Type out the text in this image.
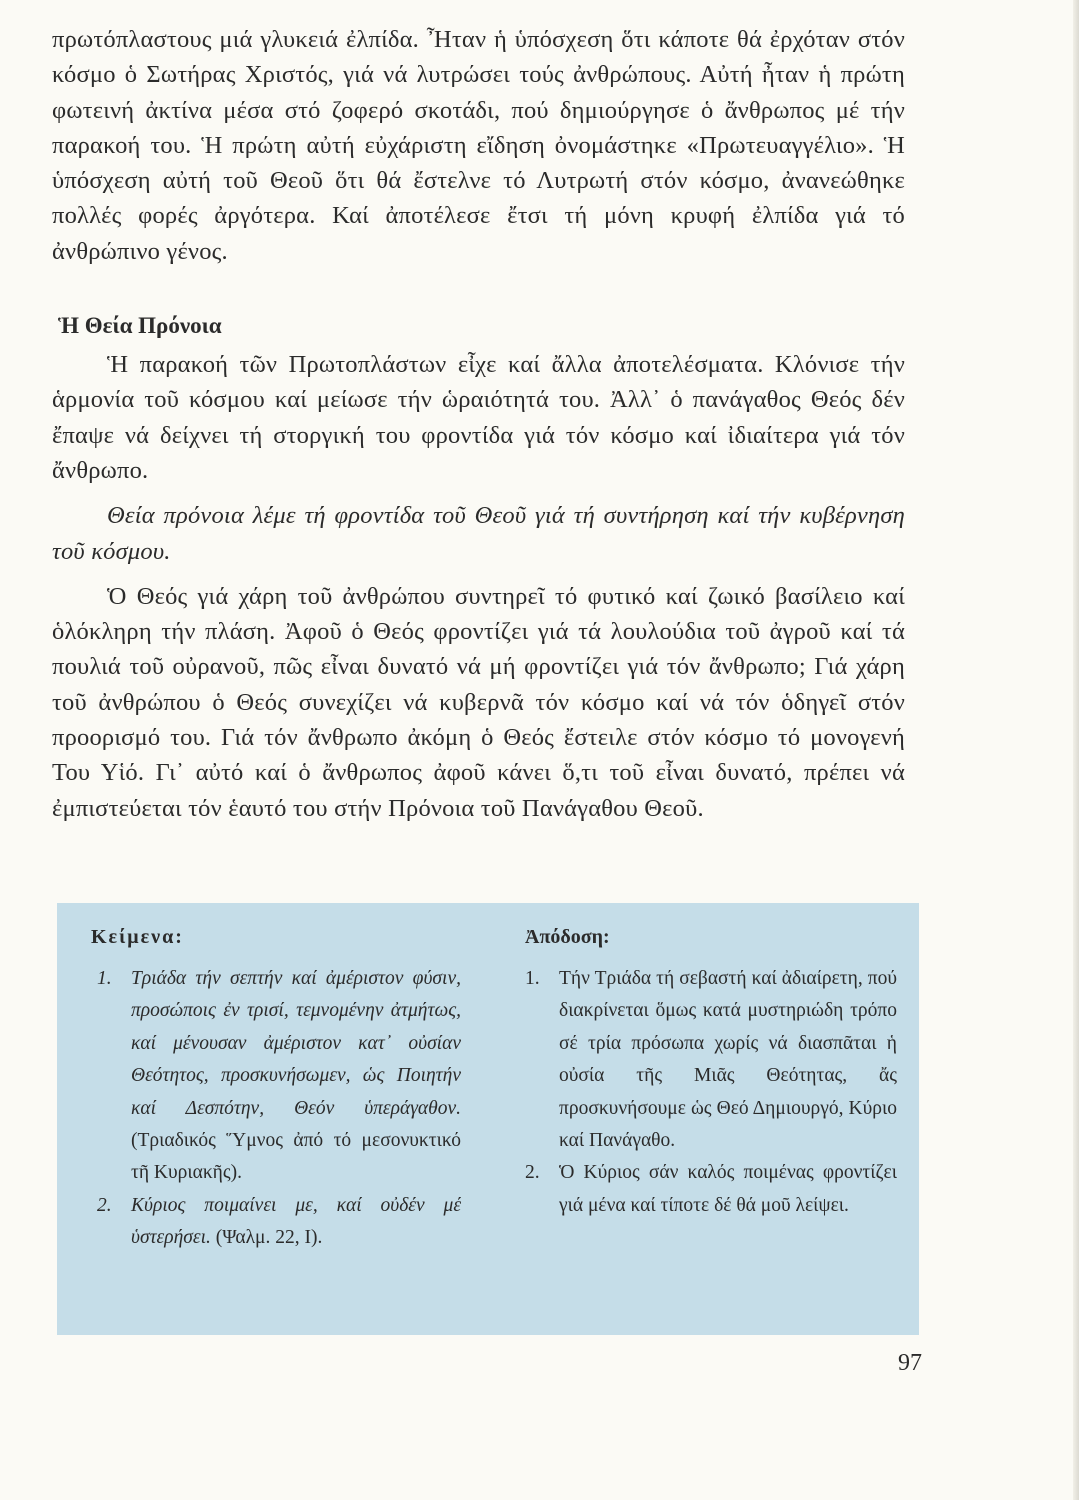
πρωτόπλαστους μιά γλυκειά ἐλπίδα. Ἦταν ἡ ὑπόσχεση ὅτι κάποτε θά ἐρχόταν στόν κόσμο ὁ Σωτήρας Χριστός, γιά νά λυτρώσει τούς ἀνθρώπους. Αὐτή ἦταν ἡ πρώτη φωτεινή ἀκτίνα μέσα στό ζοφερό σκοτάδι, πού δημιούργησε ὁ ἄνθρωπος μέ τήν παρακοή του. Ἡ πρώτη αὐτή εὐχάριστη εἴδηση ὀνομάστηκε «Πρωτευαγγέλιο». Ἡ ὑπόσχεση αὐτή τοῦ Θεοῦ ὅτι θά ἔστελνε τό Λυτρωτή στόν κόσμο, ἀνανεώθηκε πολλές φορές ἀργότερα. Καί ἀποτέλεσε ἔτσι τή μόνη κρυφή ἐλπίδα γιά τό ἀνθρώπινο γένος.

Ἡ Θεία Πρόνοια

Ἡ παρακοή τῶν Πρωτοπλάστων εἶχε καί ἄλλα ἀποτελέσματα. Κλόνισε τήν ἁρμονία τοῦ κόσμου καί μείωσε τήν ὡραιότητά του. Ἀλλ᾽ ὁ πανάγαθος Θεός δέν ἔπαψε νά δείχνει τή στοργική του φροντίδα γιά τόν κόσμο καί ἰδιαίτερα γιά τόν ἄνθρωπο.

Θεία πρόνοια λέμε τή φροντίδα τοῦ Θεοῦ γιά τή συντήρηση καί τήν κυβέρνηση τοῦ κόσμου.

Ὁ Θεός γιά χάρη τοῦ ἀνθρώπου συντηρεῖ τό φυτικό καί ζωικό βασίλειο καί ὁλόκληρη τήν πλάση. Ἀφοῦ ὁ Θεός φροντίζει γιά τά λουλούδια τοῦ ἀγροῦ καί τά πουλιά τοῦ οὐρανοῦ, πῶς εἶναι δυνατό νά μή φροντίζει γιά τόν ἄνθρωπο; Γιά χάρη τοῦ ἀνθρώπου ὁ Θεός συνεχίζει νά κυβερνᾶ τόν κόσμο καί νά τόν ὁδηγεῖ στόν προορισμό του. Γιά τόν ἄνθρωπο ἀκόμη ὁ Θεός ἔστειλε στόν κόσμο τό μονογενή Του Υἱό. Γι᾽ αὐτό καί ὁ ἄνθρωπος ἀφοῦ κάνει ὅ,τι τοῦ εἶναι δυνατό, πρέπει νά ἐμπιστεύεται τόν ἑαυτό του στήν Πρόνοια τοῦ Πανάγαθου Θεοῦ.

Κείμενα:
1. Τριάδα τήν σεπτήν καί ἀμέριστον φύσιν, προσώποις ἐν τρισί, τεμνομένην ἀτμήτως, καί μένουσαν ἀμέριστον κατ᾽ οὐσίαν Θεότητος, προσκυνήσωμεν, ὡς Ποιητήν καί Δεσπότην, Θεόν ὑπεράγαθον. (Τριαδικός Ὕμνος ἀπό τό μεσονυκτικό τῆ Κυριακῆς).
2. Κύριος ποιμαίνει με, καί οὐδέν μέ ὑστερήσει. (Ψαλμ. 22, I).
Ἀπόδοση:
1. Τήν Τριάδα τή σεβαστή καί ἀδιαίρετη, πού διακρίνεται ὅμως κατά μυστηριώδη τρόπο σέ τρία πρόσωπα χωρίς νά διασπᾶται ἡ οὐσία τῆς Μιᾶς Θεότητας, ἄς προσκυνήσουμε ὡς Θεό Δημιουργό, Κύριο καί Πανάγαθο.
2. Ὁ Κύριος σάν καλός ποιμένας φροντίζει γιά μένα καί τίποτε δέ θά μοῦ λείψει.
97
